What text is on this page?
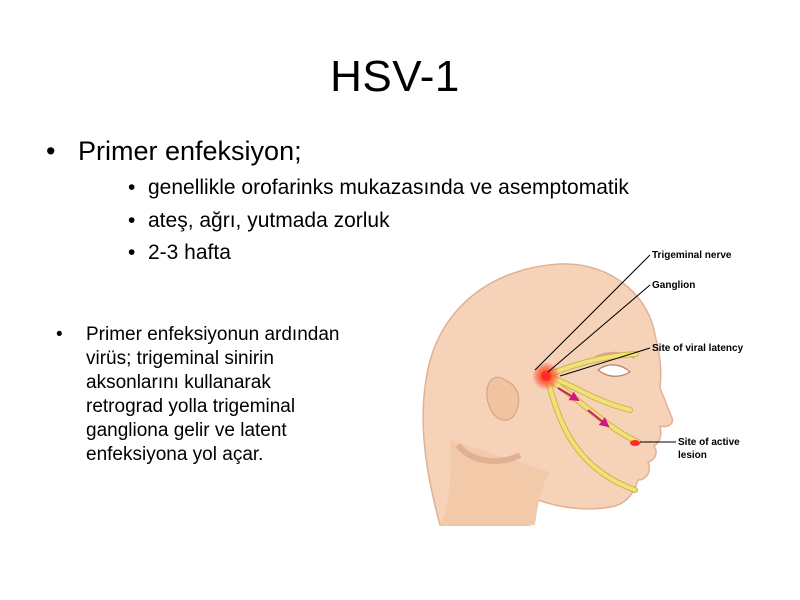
HSV-1
• Primer enfeksiyon;
• genellikle orofarinks mukazasında ve asemptomatik
• ateş, ağrı, yutmada zorluk
• 2-3 hafta
•	Primer enfeksiyonun ardından
virüs; trigeminal sinirin
aksonlarını kullanarak
retrograd yolla trigeminal
gangliona gelir ve latent
enfeksiyona yol açar.
Trigeminal nerve
Ganglion
Site of viral latency
Site of active
lesion
